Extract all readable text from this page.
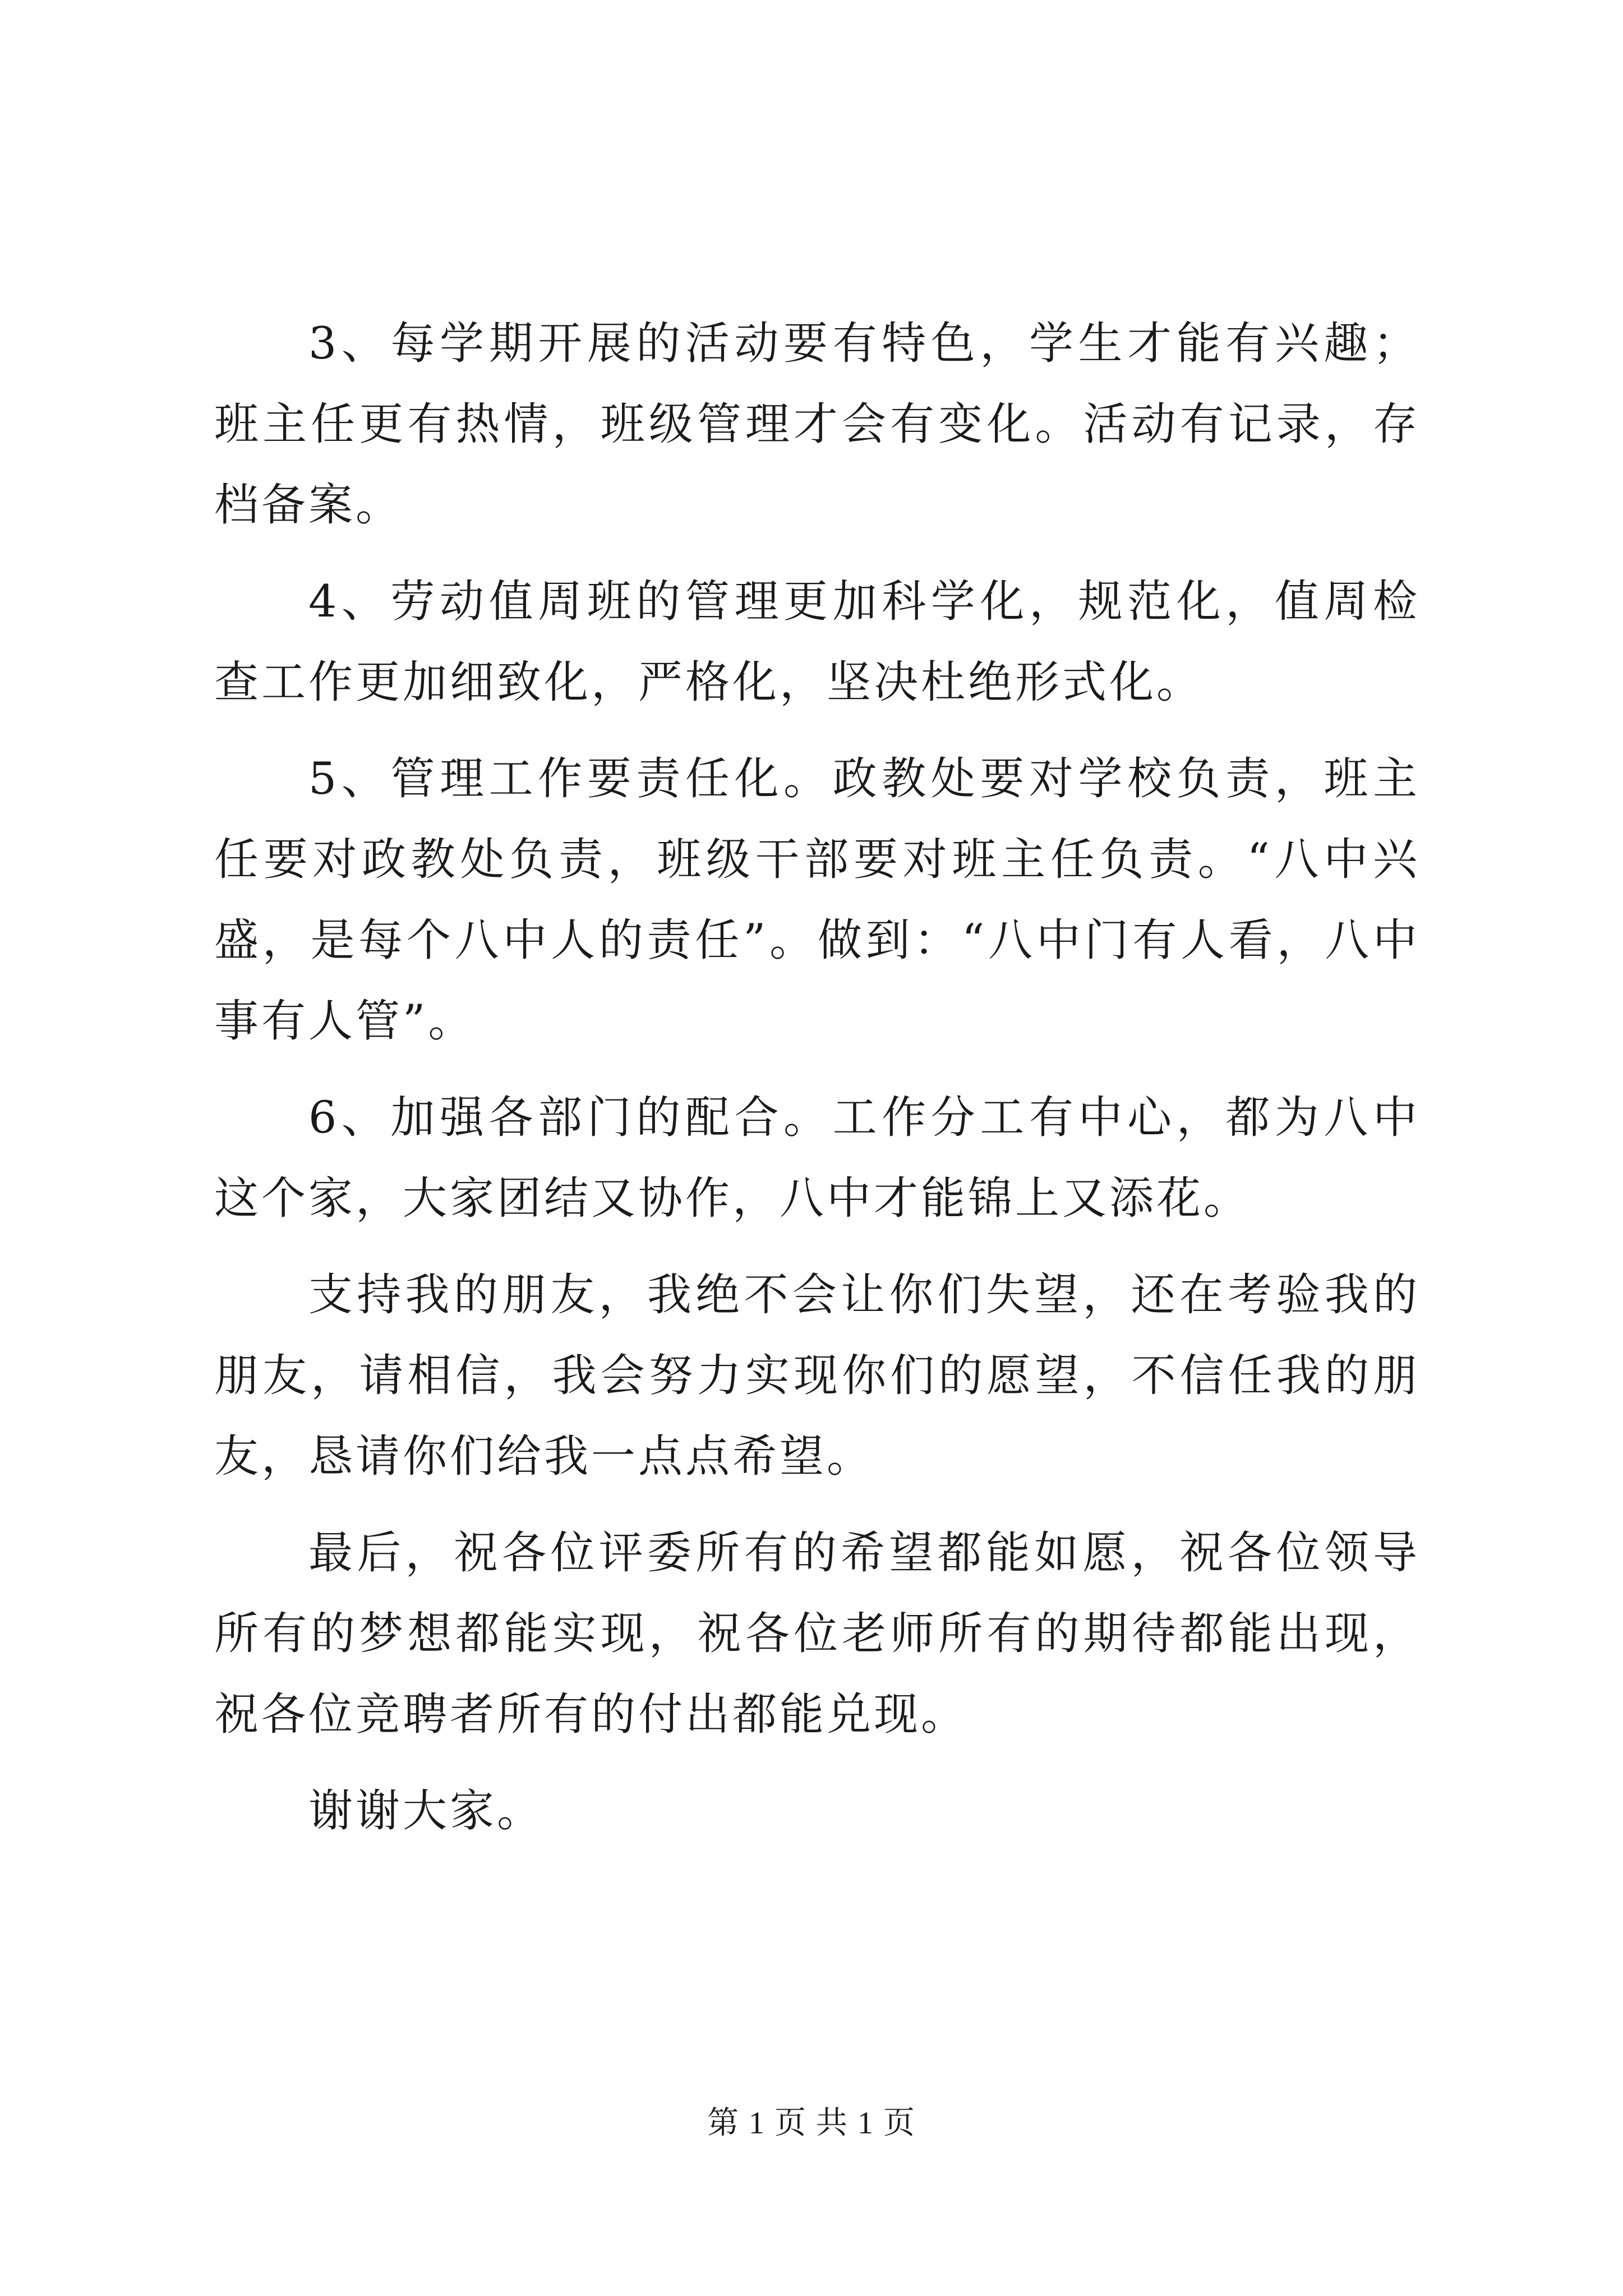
3、每学期开展的活动要有特色，学生才能有兴趣；班主任更有热情，班级管理才会有变化。活动有记录，存档备案。

4、劳动值周班的管理更加科学化，规范化，值周检查工作更加细致化，严格化，坚决杜绝形式化。

5、管理工作要责任化。政教处要对学校负责，班主任要对政教处负责，班级干部要对班主任负责。“八中兴盛，是每个八中人的责任”。做到：“八中门有人看，八中事有人管”。

6、加强各部门的配合。工作分工有中心，都为八中这个家，大家团结又协作，八中才能锦上又添花。

支持我的朋友，我绝不会让你们失望，还在考验我的朋友，请相信，我会努力实现你们的愿望，不信任我的朋友，恳请你们给我一点点希望。

最后，祝各位评委所有的希望都能如愿，祝各位领导所有的梦想都能实现，祝各位老师所有的期待都能出现，祝各位竞聘者所有的付出都能兑现。

谢谢大家。

第 1 页 共 1 页
